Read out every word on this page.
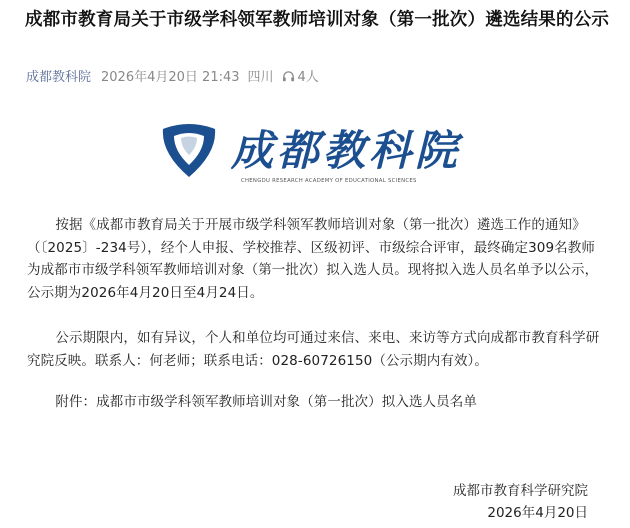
成都市教育局关于市级学科领军教师培训对象（第一批次）遴选结果的公示
成都教科院 2026年4月20日 21:43 四川 4人
成都教科院
CHENGDU RESEARCH ACADEMY OF EDUCATIONAL SCIENCES

按据《成都市教育局关于开展市级学科领军教师培训对象（第一批次）遴选工作的通知》（〔2025〕-234号），经个人申报、学校推荐、区级初评、市级综合评审，最终确定309名教师为成都市市级学科领军教师培训对象（第一批次）拟入选人员。现将拟入选人员名单予以公示，公示期为2026年4月20日至4月24日。

公示期限内，如有异议，个人和单位均可通过来信、来电、来访等方式向成都市教育科学研究院反映。联系人：何老师；联系电话：028-60726150（公示期内有效）。

附件：成都市市级学科领军教师培训对象（第一批次）拟入选人员名单

成都市教育科学研究院
2026年4月20日
